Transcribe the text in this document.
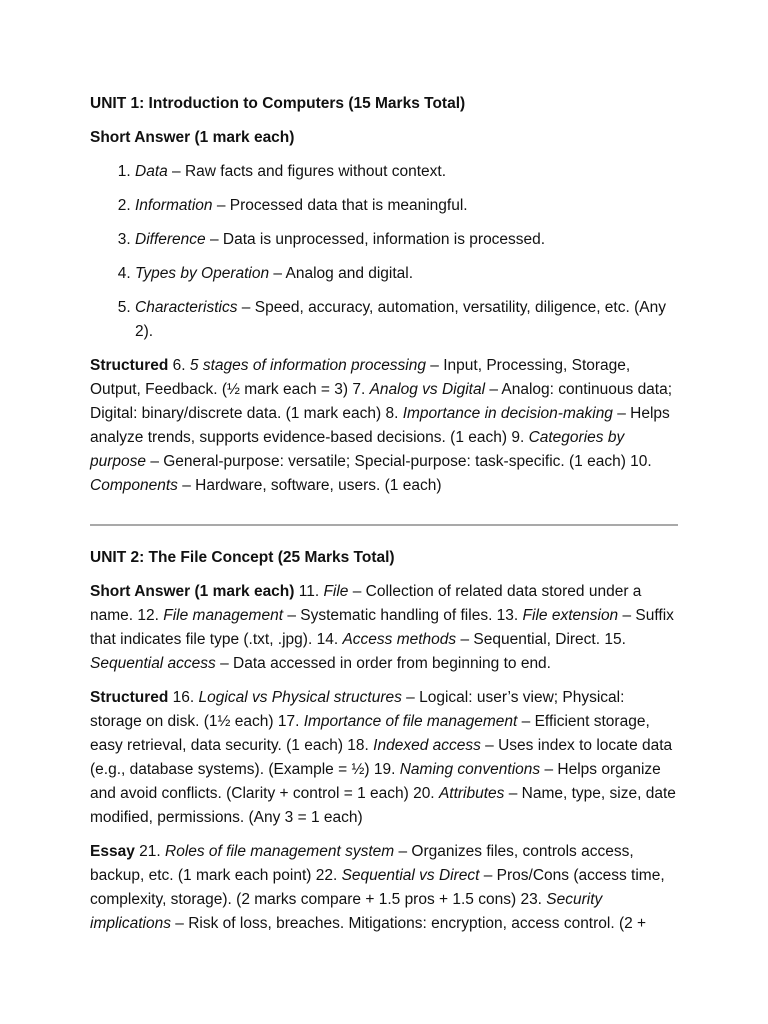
UNIT 1: Introduction to Computers (15 Marks Total)
Short Answer (1 mark each)
1. Data – Raw facts and figures without context.
2. Information – Processed data that is meaningful.
3. Difference – Data is unprocessed, information is processed.
4. Types by Operation – Analog and digital.
5. Characteristics – Speed, accuracy, automation, versatility, diligence, etc. (Any 2).

Structured 6. 5 stages of information processing – Input, Processing, Storage, Output, Feedback. (½ mark each = 3) 7. Analog vs Digital – Analog: continuous data; Digital: binary/discrete data. (1 mark each) 8. Importance in decision-making – Helps analyze trends, supports evidence-based decisions. (1 each) 9. Categories by purpose – General-purpose: versatile; Special-purpose: task-specific. (1 each) 10. Components – Hardware, software, users. (1 each)

UNIT 2: The File Concept (25 Marks Total)

Short Answer (1 mark each) 11. File – Collection of related data stored under a name. 12. File management – Systematic handling of files. 13. File extension – Suffix that indicates file type (.txt, .jpg). 14. Access methods – Sequential, Direct. 15. Sequential access – Data accessed in order from beginning to end.

Structured 16. Logical vs Physical structures – Logical: user’s view; Physical: storage on disk. (1½ each) 17. Importance of file management – Efficient storage, easy retrieval, data security. (1 each) 18. Indexed access – Uses index to locate data (e.g., database systems). (Example = ½) 19. Naming conventions – Helps organize and avoid conflicts. (Clarity + control = 1 each) 20. Attributes – Name, type, size, date modified, permissions. (Any 3 = 1 each)

Essay 21. Roles of file management system – Organizes files, controls access, backup, etc. (1 mark each point) 22. Sequential vs Direct – Pros/Cons (access time, complexity, storage). (2 marks compare + 1.5 pros + 1.5 cons) 23. Security implications – Risk of loss, breaches. Mitigations: encryption, access control. (2 +
